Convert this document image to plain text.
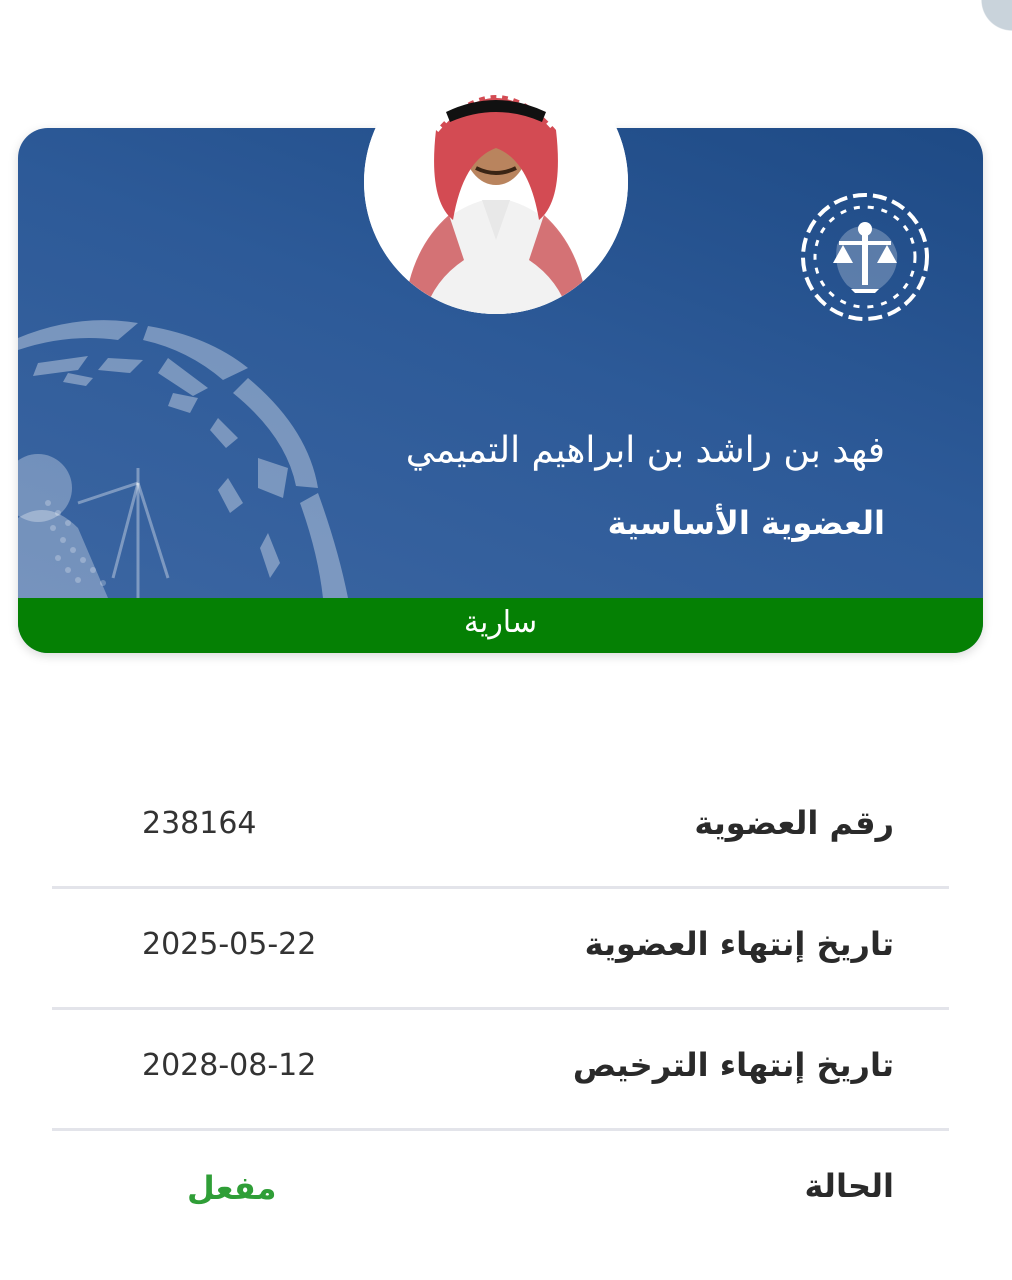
فهد بن راشد بن ابراهيم التميمي
العضوية الأساسية
سارية
رقم العضوية
238164
تاريخ إنتهاء العضوية
2025-05-22
تاريخ إنتهاء الترخيص
2028-08-12
الحالة
مفعل
